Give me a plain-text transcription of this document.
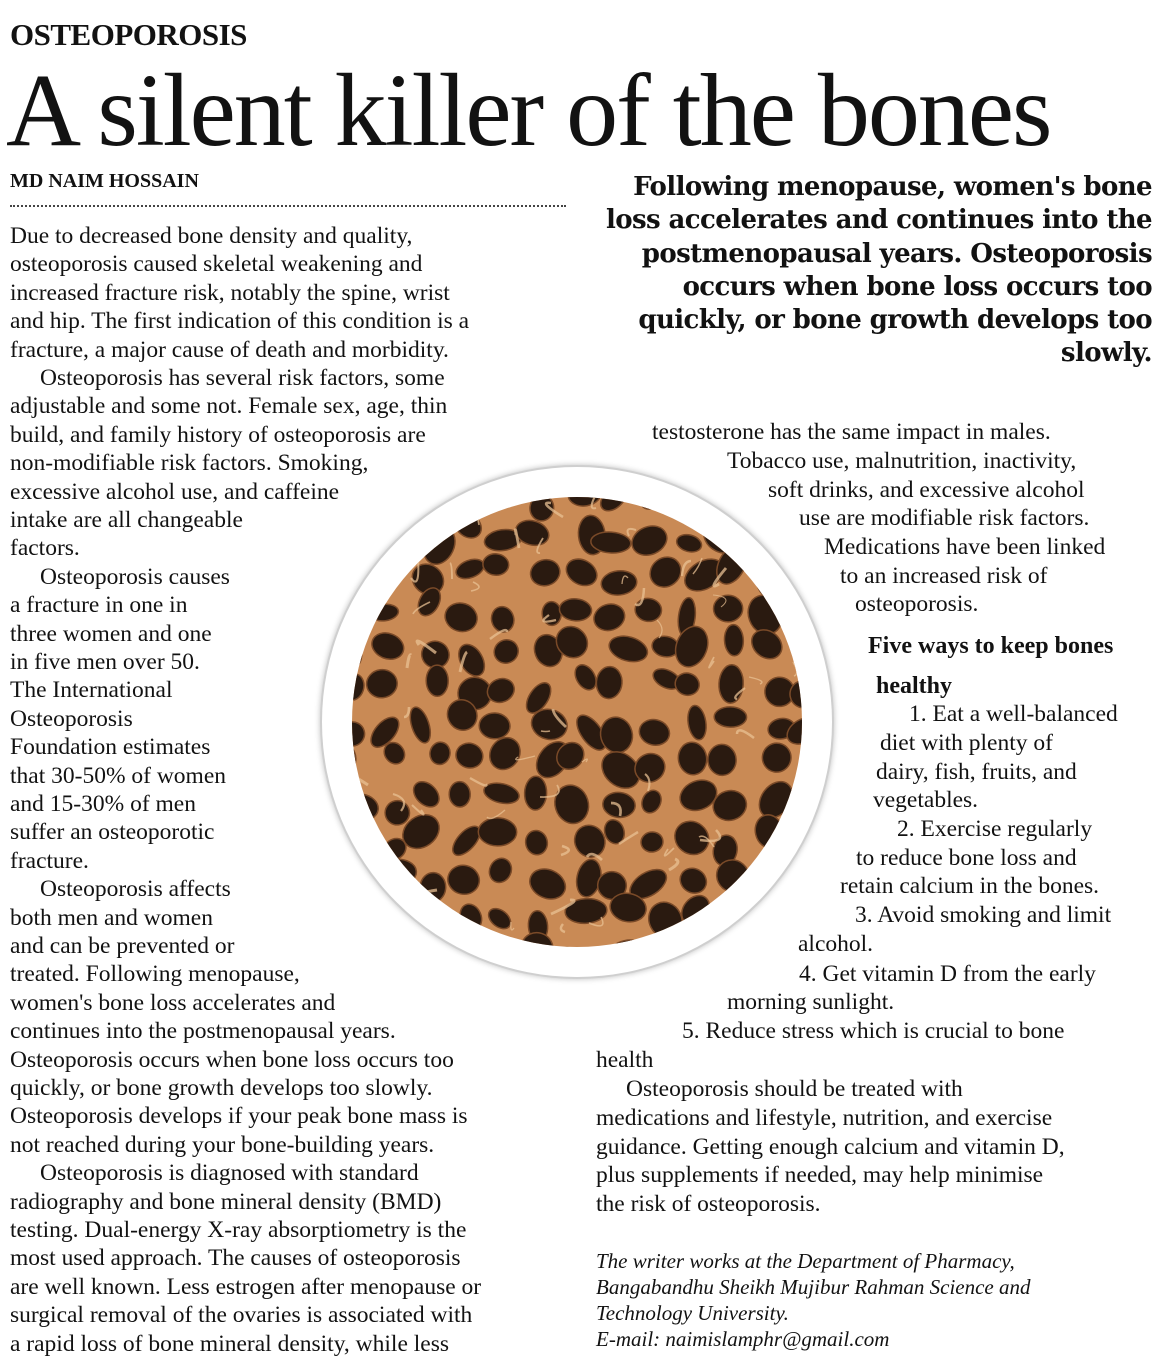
OSTEOPOROSIS
A silent killer of the bones
MD NAIM HOSSAIN	Following menopause, women's bone loss accelerates and continues into the postmenopausal years. Osteoporosis occurs when bone loss occurs too quickly, or bone growth develops too slowly.
Due to decreased bone density and quality,
osteoporosis caused skeletal weakening and
increased fracture risk, notably the spine, wrist
and hip. The first indication of this condition is a
fracture, a major cause of death and morbidity.
Osteoporosis has several risk factors, some
adjustable and some not. Female sex, age, thin
build, and family history of osteoporosis are
non-modifiable risk factors. Smoking,
excessive alcohol use, and caffeine
intake are all changeable
factors.
Osteoporosis causes
a fracture in one in
three women and one
in five men over 50.
The International
Osteoporosis
Foundation estimates
that 30-50% of women
and 15-30% of men
suffer an osteoporotic
fracture.
Osteoporosis affects
both men and women
and can be prevented or
treated. Following menopause,
women's bone loss accelerates and
continues into the postmenopausal years.
Osteoporosis occurs when bone loss occurs too
quickly, or bone growth develops too slowly.
Osteoporosis develops if your peak bone mass is
not reached during your bone-building years.
Osteoporosis is diagnosed with standard
radiography and bone mineral density (BMD)
testing. Dual-energy X-ray absorptiometry is the
most used approach. The causes of osteoporosis
are well known. Less estrogen after menopause or
surgical removal of the ovaries is associated with
a rapid loss of bone mineral density, while less
testosterone has the same impact in males.
Tobacco use, malnutrition, inactivity,
soft drinks, and excessive alcohol
use are modifiable risk factors.
Medications have been linked
to an increased risk of
osteoporosis.
Five ways to keep bones
healthy
1. Eat a well-balanced
diet with plenty of
dairy, fish, fruits, and
vegetables.
2. Exercise regularly
to reduce bone loss and
retain calcium in the bones.
3. Avoid smoking and limit
alcohol.
4. Get vitamin D from the early
morning sunlight.
5. Reduce stress which is crucial to bone
health
Osteoporosis should be treated with
medications and lifestyle, nutrition, and exercise
guidance. Getting enough calcium and vitamin D,
plus supplements if needed, may help minimise
the risk of osteoporosis.
The writer works at the Department of Pharmacy,
Bangabandhu Sheikh Mujibur Rahman Science and
Technology University.
E-mail: naimislamphr@gmail.com
